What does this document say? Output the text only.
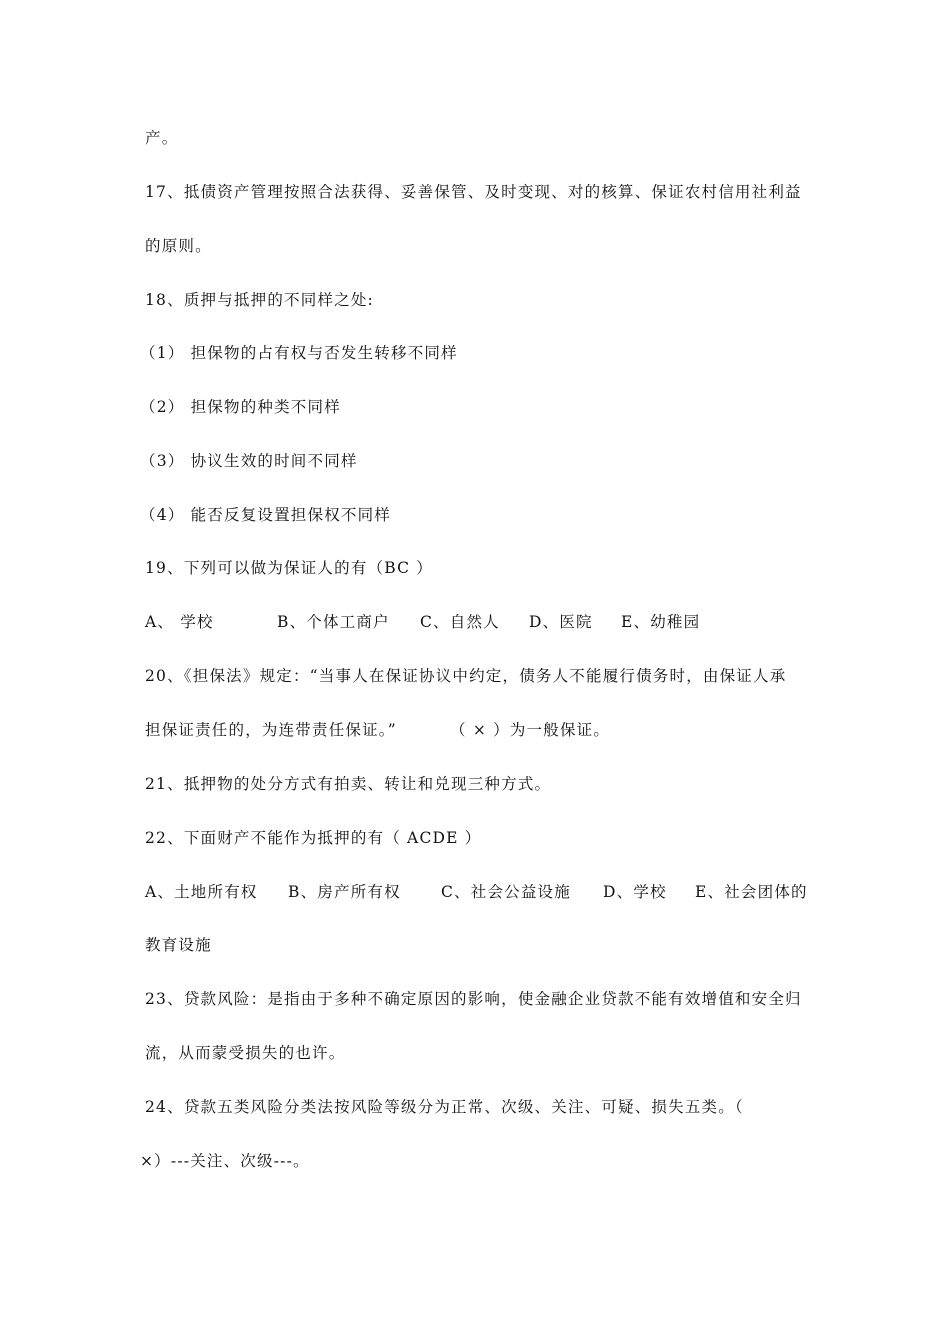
产。
17、抵债资产管理按照合法获得、妥善保管、及时变现、对的核算、保证农村信用社利益
的原则。
18、质押与抵押的不同样之处:
（1） 担保物的占有权与否发生转移不同样
（2） 担保物的种类不同样
（3） 协议生效的时间不同样
（4） 能否反复设置担保权不同样
19、下列可以做为保证人的有（BC ）
A、 学校	B、个体工商户 C、自然人 D、医院 E、幼稚园
20、《担保法》规定：“当事人在保证协议中约定，债务人不能履行债务时，由保证人承
担保证责任的，为连带责任保证。”	（ × ）为一般保证。
21、抵押物的处分方式有拍卖、转让和兑现三种方式。
22、下面财产不能作为抵押的有（ ACDE ）
A、土地所有权 B、房产所有权	C、社会公益设施 D、学校 E、社会团体的
教育设施
23、贷款风险：是指由于多种不确定原因的影响，使金融企业贷款不能有效增值和安全归
流，从而蒙受损失的也许。
24、贷款五类风险分类法按风险等级分为正常、次级、关注、可疑、损失五类。（
×）---关注、次级---。
